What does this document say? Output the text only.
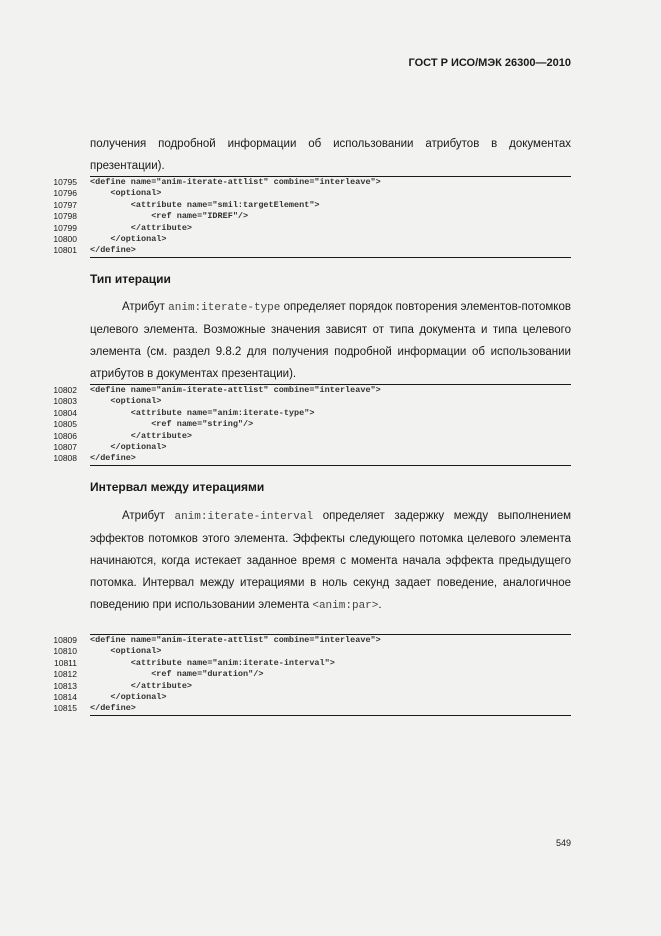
ГОСТ Р ИСО/МЭК 26300—2010

получения подробной информации об использовании атрибутов в документах презентации).

10795 <define name="anim-iterate-attlist" combine="interleave">
10796 <optional>
10797 <attribute name="smil:targetElement">
10798 <ref name="IDREF"/>
10799 </attribute>
10800 </optional>
10801 </define>
Тип итерации

Атрибут anim:iterate-type определяет порядок повторения элементов-потомков целевого элемента. Возможные значения зависят от типа документа и типа целевого элемента (см. раздел 9.8.2 для получения подробной информации об использовании атрибутов в документах презентации).

10802 <define name="anim-iterate-attlist" combine="interleave">
10803 <optional>
10804 <attribute name="anim:iterate-type">
10805 <ref name="string"/>
10806 </attribute>
10807 </optional>
10808 </define>
Интервал между итерациями

Атрибут anim:iterate-interval определяет задержку между выполнением эффектов потомков этого элемента. Эффекты следующего потомка целевого элемента начинаются, когда истекает заданное время с момента начала эффекта предыдущего потомка. Интервал между итерациями в ноль секунд задает поведение, аналогичное поведению при использовании элемента <anim:par>.

10809 <define name="anim-iterate-attlist" combine="interleave">
10810 <optional>
10811 <attribute name="anim:iterate-interval">
10812 <ref name="duration"/>
10813 </attribute>
10814 </optional>
10815 </define>
549
